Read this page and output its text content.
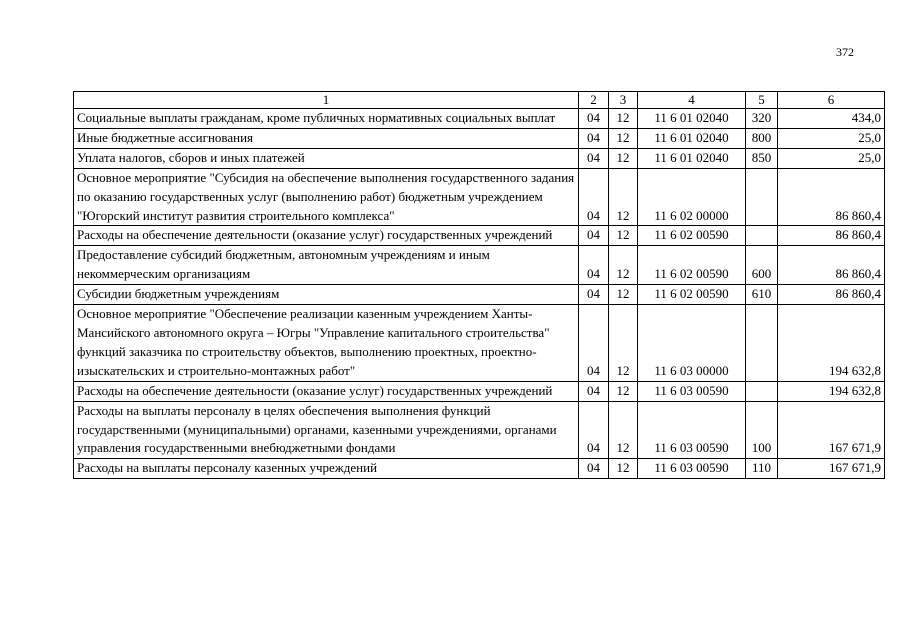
372
1	2	3	4	5	6
Социальные выплаты гражданам, кроме публичных нормативных социальных выплат	04	12	11 6 01 02040	320	434,0
Иные бюджетные ассигнования	04	12	11 6 01 02040	800	25,0
Уплата налогов, сборов и иных платежей	04	12	11 6 01 02040	850	25,0
Основное мероприятие "Субсидия на обеспечение выполнения государственного задания по оказанию государственных услуг (выполнению работ) бюджетным учреждением "Югорский институт развития строительного комплекса"	04	12	11 6 02 00000		86 860,4
Расходы на обеспечение деятельности (оказание услуг) государственных учреждений	04	12	11 6 02 00590		86 860,4
Предоставление субсидий бюджетным, автономным учреждениям и иным некоммерческим организациям	04	12	11 6 02 00590	600	86 860,4
Субсидии бюджетным учреждениям	04	12	11 6 02 00590	610	86 860,4
Основное мероприятие "Обеспечение реализации казенным учреждением Ханты-Мансийского автономного округа – Югры "Управление капитального строительства" функций заказчика по строительству объектов, выполнению проектных, проектно-изыскательских и строительно-монтажных работ"	04	12	11 6 03 00000		194 632,8
Расходы на обеспечение деятельности (оказание услуг) государственных учреждений	04	12	11 6 03 00590		194 632,8
Расходы на выплаты персоналу в целях обеспечения выполнения функций государственными (муниципальными) органами, казенными учреждениями, органами управления государственными внебюджетными фондами	04	12	11 6 03 00590	100	167 671,9
Расходы на выплаты персоналу казенных учреждений	04	12	11 6 03 00590	110	167 671,9
